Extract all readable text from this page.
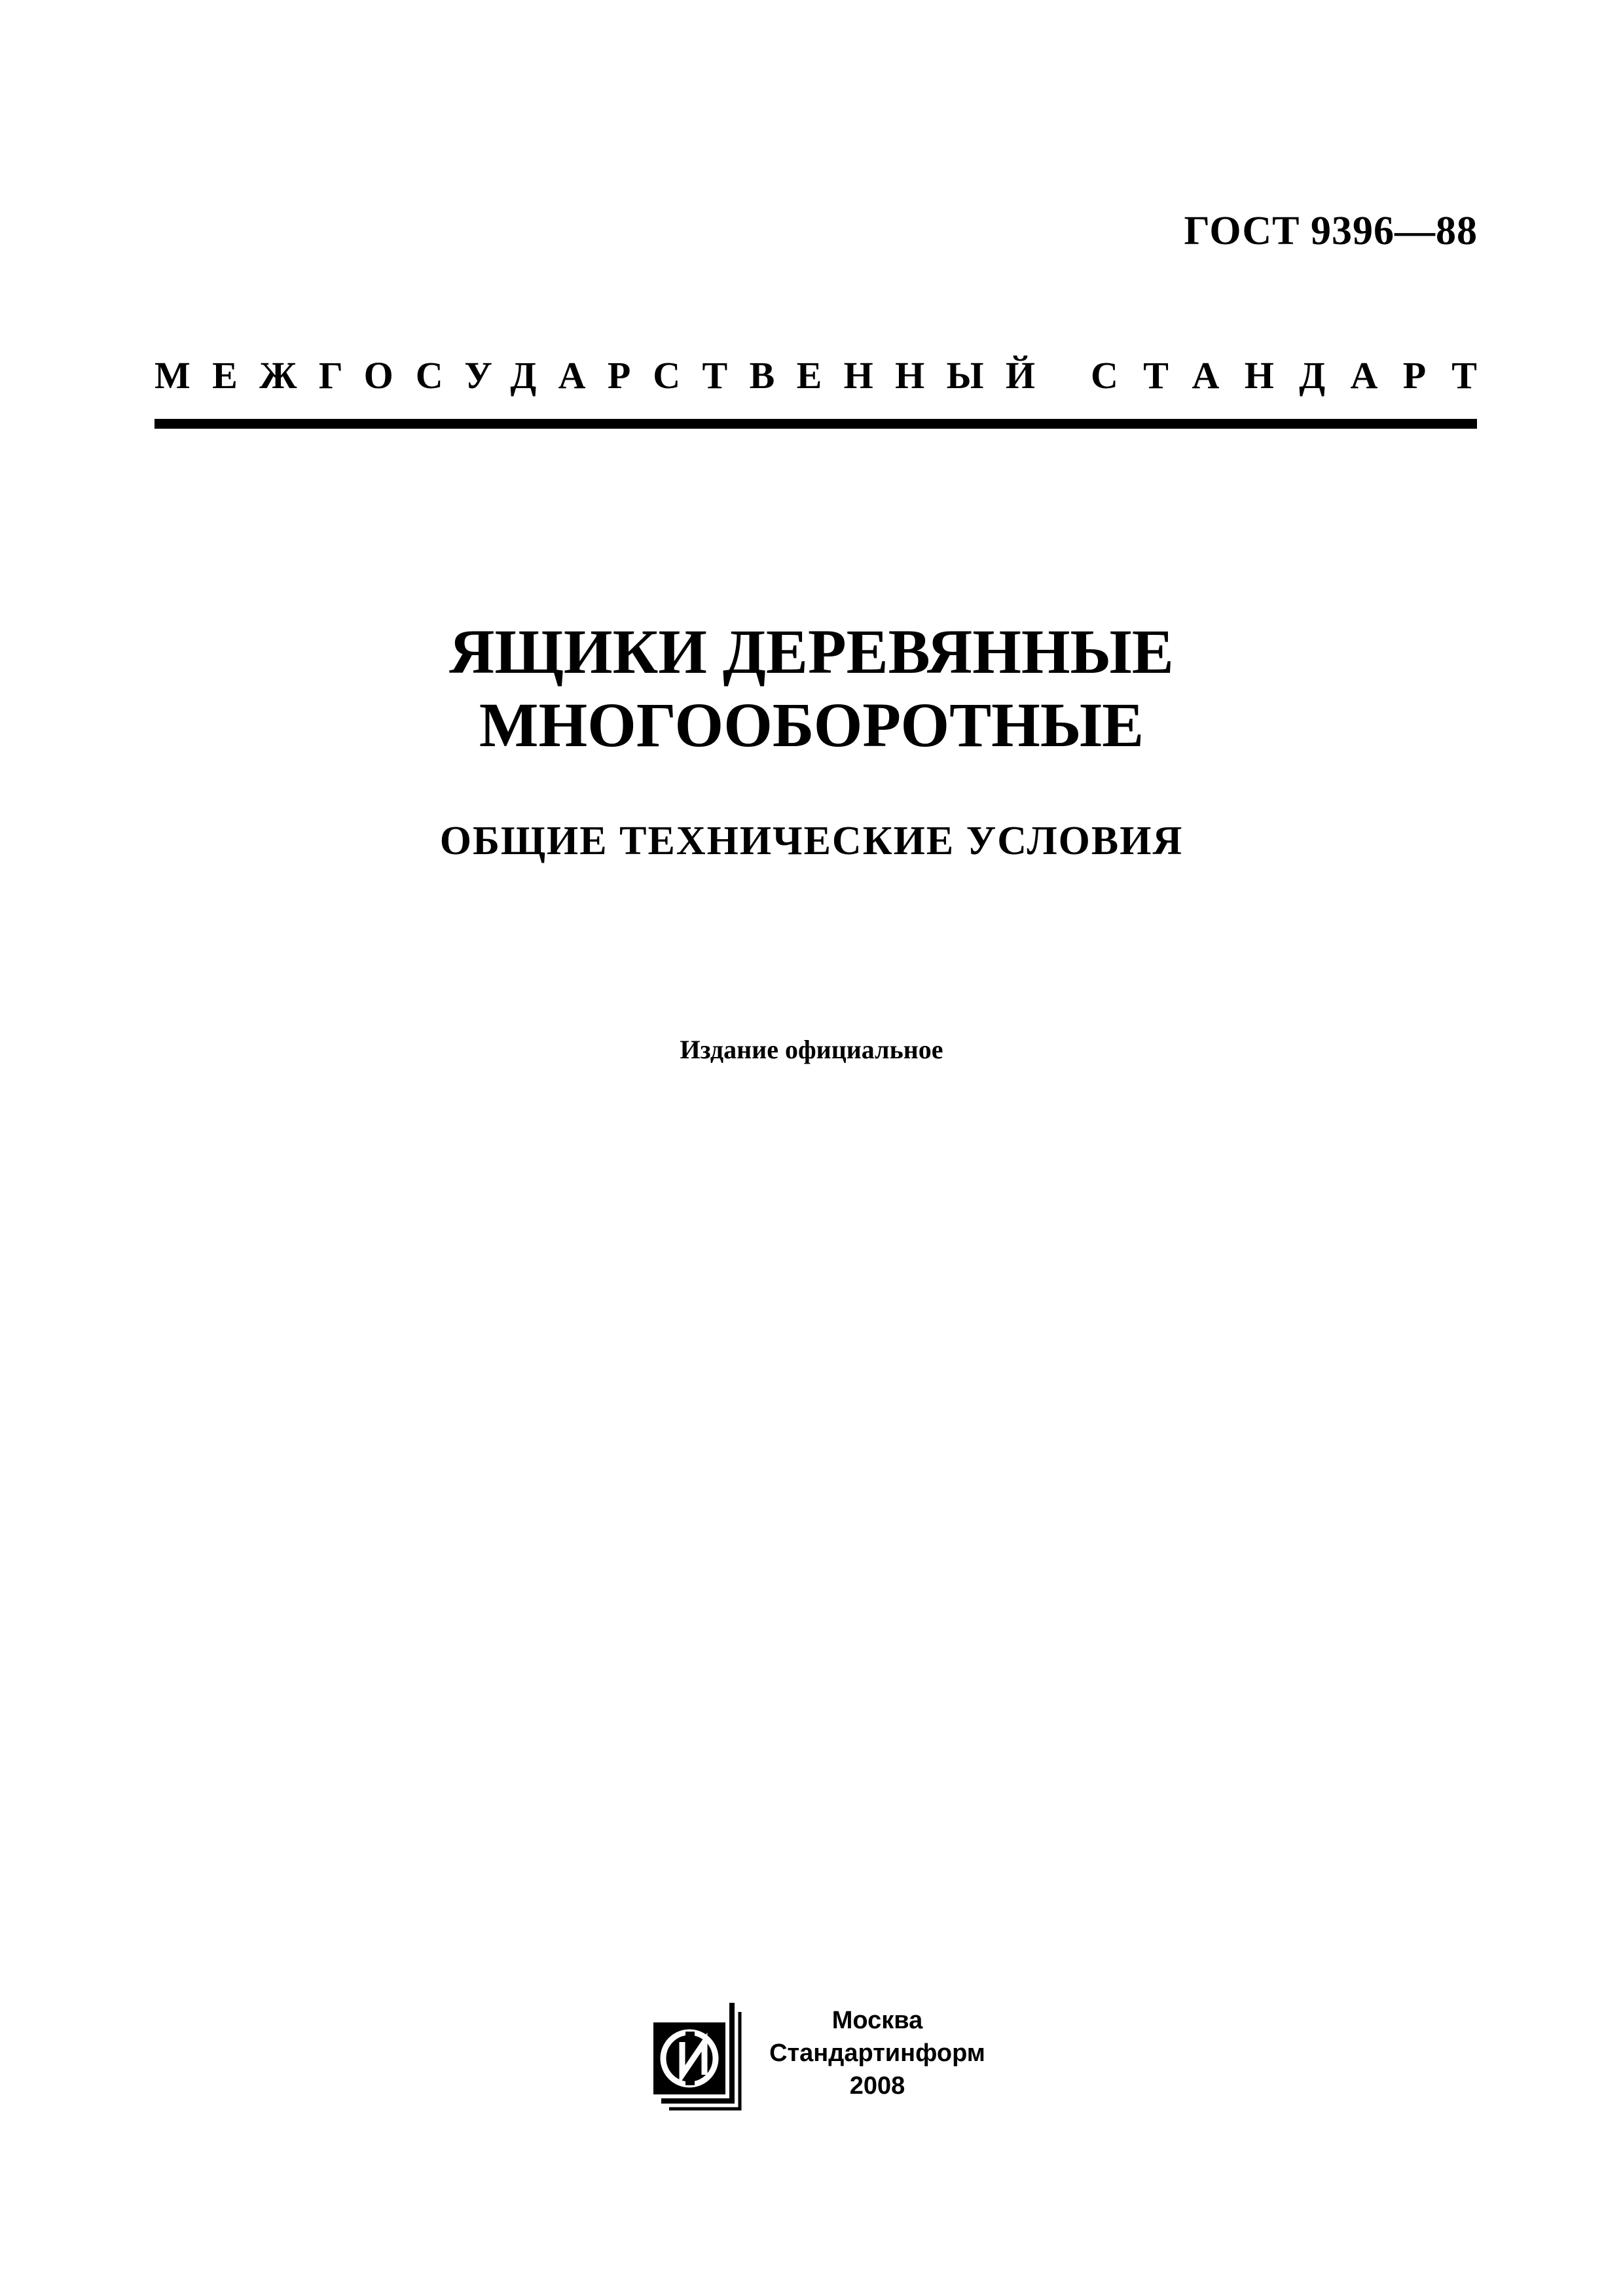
ГОСТ 9396—88
МЕЖГОСУДАРСТВЕННЫЙ СТАНДАРТ
ЯЩИКИ ДЕРЕВЯННЫЕ
МНОГООБОРОТНЫЕ
ОБЩИЕ ТЕХНИЧЕСКИЕ УСЛОВИЯ
Издание официальное
Москва
Стандартинформ
2008
